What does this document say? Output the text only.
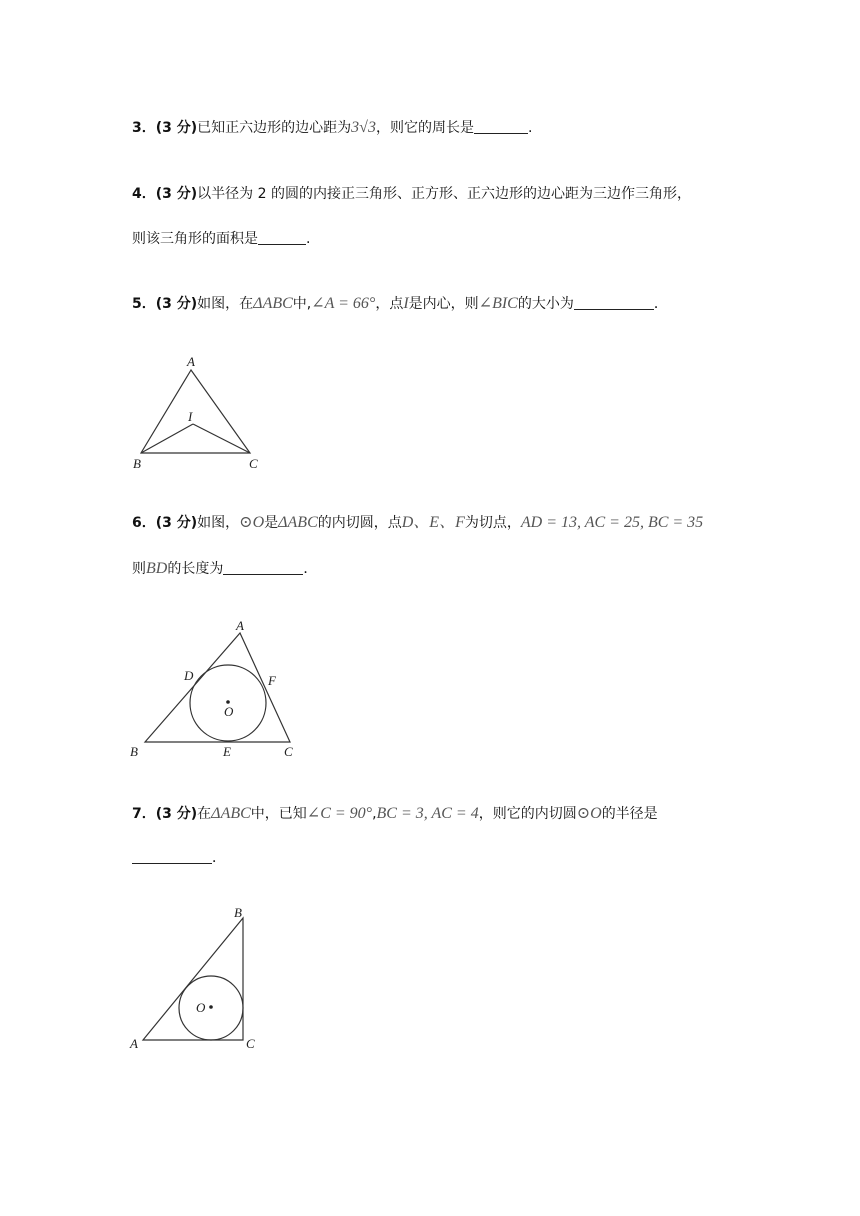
3．(3 分)已知正六边形的边心距为3√3，则它的周长是	.
4．(3 分)以半径为 2 的圆的内接正三角形、正方形、正六边形的边心距为三边作三角形，
则该三角形的面积是	.
5．(3 分)如图，在ΔABC中,∠A = 66°，点I是内心，则∠BIC的大小为	．
6．(3 分)如图，⊙O是ΔABC的内切圆，点D、E、F为切点，AD = 13, AC = 25, BC = 35
则BD的长度为	．
7．(3 分)在ΔABC中，已知∠C = 90°,BC = 3, AC = 4，则它的内切圆⊙O的半径是
．
A
I
B	C
A
D	F
O
B	E	C
B
O
A	C
